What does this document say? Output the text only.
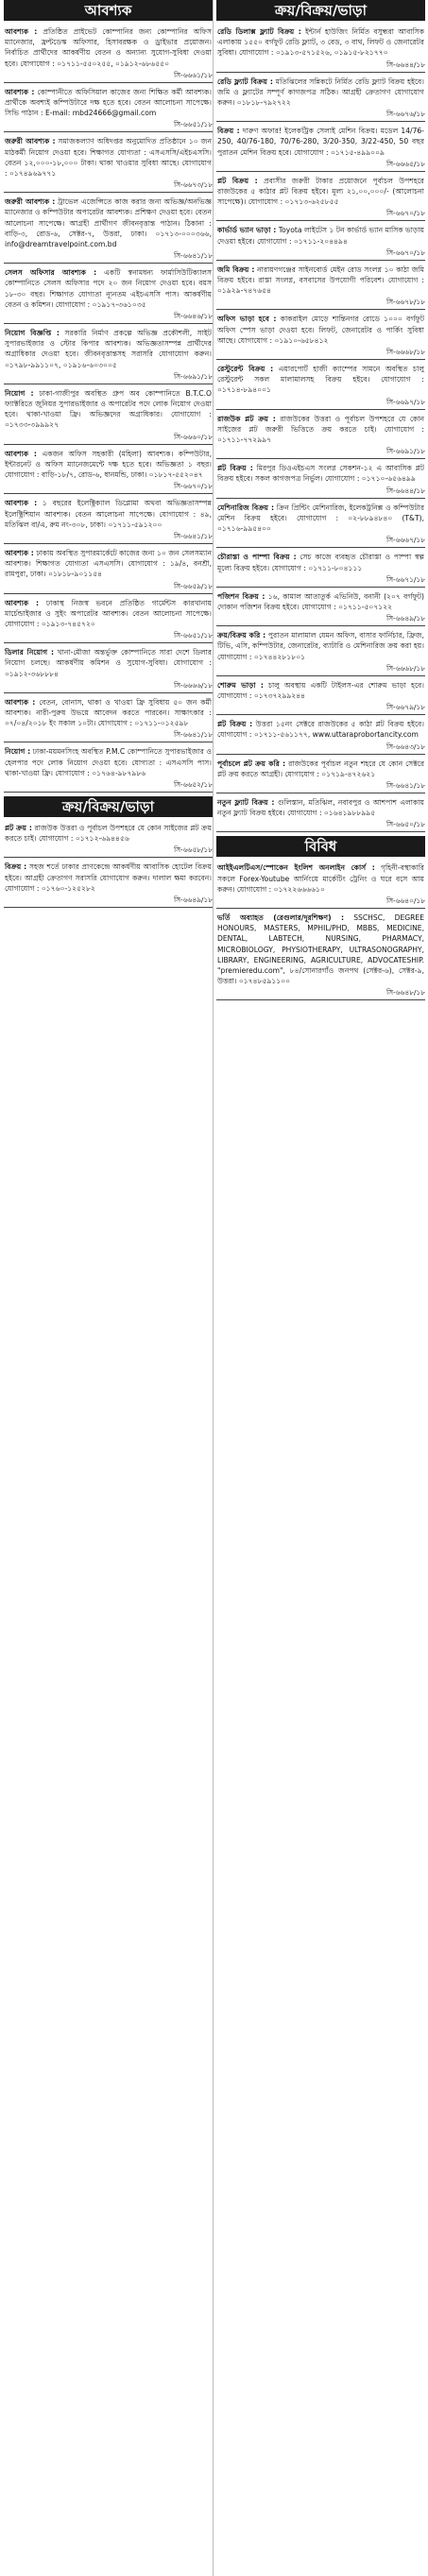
আবশ্যক
আবশ্যক : প্রতিষ্ঠিত প্রাইভেট কোম্পানির জন্য কোম্পানির অফিস ম্যানেজার, ফ্রন্টডেস্ক অফিসার, হিসাবরক্ষক ও ড্রাইভার প্রয়োজন। নির্বাচিত প্রার্থীদের আকর্ষণীয় বেতন ও অন্যান্য সুযোগ-সুবিধা দেওয়া হবে। যোগাযোগ : ০১৭১১-৫৫০২৫৫, ০১৯১২-৬৮৬৫৫০
সি-৬৬৬১/১৮
আবশ্যক : কোম্পানীতে অফিসিয়াল কাজের জন্য শিক্ষিত কর্মী আবশ্যক। প্রার্থীকে অবশ্যই কম্পিউটারে দক্ষ হতে হবে। বেতন আলোচনা সাপেক্ষে। সিভি পাঠান : E-mail: mbd24666@gmail.com
সি-৬৬৫১/১৮
জরুরী আবশ্যক : সমাজকল্যাণ অধিদপ্তর অনুমোদিত প্রতিষ্ঠানে ১০ জন মাঠকর্মী নিয়োগ দেওয়া হবে। শিক্ষাগত যোগ্যতা : এসএসসি/এইচএসসি। বেতন ১২,০০০-১৮,০০০ টাকা। থাকা খাওয়ার সুবিধা আছে। যোগাযোগ : ০১৭৪৯৬৯৭৭১
সি-৬৬৭৩/১৮
জরুরী আবশ্যক : ট্রাভেল এজেন্সিতে কাজ করার জন্য অভিজ্ঞ/অনভিজ্ঞ ম্যানেজার ও কম্পিউটার অপারেটর আবশ্যক। প্রশিক্ষণ দেওয়া হবে। বেতন আলোচনা সাপেক্ষে। আগ্রহী প্রার্থীগণ জীবনবৃত্তান্ত পাঠান। ঠিকানা : বাড়ি-৩, রোড-৬, সেক্টর-৭, উত্তরা, ঢাকা। ০১৭১৩-০০০৩৬৬, info@dreamtravelpoint.com.bd
সি-৬৬৪১/১৮
সেলস অফিসার আবশ্যক : একটি স্বনামধন্য ফার্মাসিউটিক্যালস কোম্পানিতে সেলস অফিসার পদে ২০ জন নিয়োগ দেওয়া হবে। বয়স ১৮-৩০ বছর। শিক্ষাগত যোগ্যতা ন্যূনতম এইচএসসি পাস। আকর্ষণীয় বেতন ও কমিশন। যোগাযোগ : ০১৯১৭-৩৬১০৩৫
সি-৬৬৪৬/১৮
নিয়োগ বিজ্ঞপ্তি : সরকারি নির্মাণ প্রকল্পে অভিজ্ঞ প্রকৌশলী, সাইট সুপারভাইজার ও স্টোর কিপার আবশ্যক। অভিজ্ঞতাসম্পন্ন প্রার্থীদের অগ্রাধিকার দেওয়া হবে। জীবনবৃত্তান্তসহ সরাসরি যোগাযোগ করুন। ০১৭৯৮-৯৯১১০৭, ০১৯১৬-৬০৩০০৫
সি-৬৬৯১/১৮
নিয়োগ : ঢাকা-গাজীপুর অবস্থিত গ্রুপ অব কোম্পানিতে B.T.C.O ফ্যাক্টরিতে জুনিয়র সুপারভাইজার ও অপারেটর পদে লোক নিয়োগ দেওয়া হবে। থাকা-খাওয়া ফ্রি। অভিজ্ঞদের অগ্রাধিকার। যোগাযোগ : ০১৭৩৩-৩৯৯৯২৭
সি-৬৬৬০/১৮
আবশ্যক : একজন অফিস সহকারী (মহিলা) আবশ্যক। কম্পিউটার, ইন্টারনেট ও অফিস ম্যানেজমেন্টে দক্ষ হতে হবে। অভিজ্ঞতা ১ বছর। যোগাযোগ : বাড়ি-১৮/৭, রোড-৬, ধানমন্ডি, ঢাকা। ০১৮১৭-৫৫২০৪৭
সি-৬৬৭০/১৮
আবশ্যক : ১ বছরের ইলেক্ট্রিক্যাল ডিপ্লোমা অথবা অভিজ্ঞতাসম্পন্ন ইলেক্ট্রিশিয়ান আবশ্যক। বেতন আলোচনা সাপেক্ষে। যোগাযোগ : ৪৯, মতিঝিল বা/এ, রুম নং-৩০৮, ঢাকা। ০১৭১১-৫৯১২০০
সি-৬৬৪১/১৮
আবশ্যক : ঢাকায় অবস্থিত সুপারমার্কেটে কাজের জন্য ১০ জন সেলসম্যান আবশ্যক। শিক্ষাগত যোগ্যতা এসএসসি। যোগাযোগ : ১৯/৪, বনশ্রী, রামপুরা, ঢাকা। ০১৮১৮-৯০১১৫৪
সি-৬৬৫৯/১৮
আবশ্যক : ঢাকাস্থ নিজস্ব ভবনে প্রতিষ্ঠিত গার্মেন্টস কারখানায় মার্চেন্ডাইজার ও সুইং অপারেটর আবশ্যক। বেতন আলোচনা সাপেক্ষে। যোগাযোগ : ০১৯১৩-৭৪৫৭২০
সি-৬৬৫১/১৮
ডিলার নিয়োগ : খানা-মৌজা অন্তর্ভুক্ত কোম্পানিতে সারা দেশে ডিলার নিয়োগ চলছে। আকর্ষণীয় কমিশন ও সুযোগ-সুবিধা। যোগাযোগ : ০১৯১২-৩৬৮৮৮৪
সি-৬৬৬৬/১৮
আবশ্যক : বেতন, বোনাস, থাকা ও খাওয়া ফ্রি সুবিধায় ৫০ জন কর্মী আবশ্যক। নারী-পুরুষ উভয়ে আবেদন করতে পারবেন। সাক্ষাৎকার : ০৭/০৪/২০১৮ ইং সকাল ১০টা। যোগাযোগ : ০১৭১১-০১২৫৯৮
সি-৬৬৪১/১৮
নিয়োগ : ঢাকা-ময়মনসিংহ অবস্থিত P.M.C কোম্পানিতে সুপারভাইজার ও হেলপার পদে লোক নিয়োগ দেওয়া হবে। যোগ্যতা : এসএসসি পাস। থাকা-খাওয়া ফ্রি। যোগাযোগ : ০১৭৬৪-৯৮৭৯৮৬
সি-৬৬৫২/১৮
ক্রয়/বিক্রয়/ভাড়া
প্লট ক্রয় : রাজউক উত্তরা ও পূর্বাচল উপশহরে যে কোন সাইজের প্লট ক্রয় করতে চাই। যোগাযোগ : ০১৭১২-৬৯৪৪৫৬
সি-৬৬৫৮/১৮
বিক্রয় : সহজ শর্তে ঢাকার প্রাণকেন্দ্রে আকর্ষণীয় আবাসিক হোটেল বিক্রয় হইবে। আগ্রহী ক্রেতাগণ সরাসরি যোগাযোগ করুন। দালাল ক্ষমা করবেন। যোগাযোগ : ০১৭৬০-১২৫২৮২
সি-৬৬৪৯/১৮
ক্রয়/বিক্রয়/ভাড়া
রেডি ডিলাক্স ফ্ল্যাট বিক্রয় : ইন্টার্ন হাউজিং নির্মিত বসুন্ধরা আবাসিক এলাকায় ১৫৫০ বর্গফুট রেডি ফ্ল্যাট, ৩ বেড, ৩ বাথ, লিফট ও জেনারেটর সুবিধা। যোগাযোগ : ০১৯১৩-৫৭১৫২৬, ০১৯১৫-৮২১৭৭০
সি-৬৬৪৪/১৮
রেডি ফ্ল্যাট বিক্রয় : মতিঝিলের সন্নিকটে নির্মিত রেডি ফ্ল্যাট বিক্রয় হইবে। জমি ও ফ্ল্যাটের সম্পূর্ণ কাগজপত্র সঠিক। আগ্রহী ক্রেতাগণ যোগাযোগ করুন। ০১৮১৮-৭৯২৭২২
সি-৬৬৭৬/১৮
বিক্রয় : দারুণ অফার! ইলেকট্রিক সেলাই মেশিন বিক্রয়। মডেল 14/76-250, 40/76-180, 70/76-280, 3/20-350, 3/22-450, 50 বছর পুরাতন মেশিন বিক্রয় হবে। যোগাযোগ : ০১৭১৫-৪৯৯০০৯
সি-৬৬৬৫/১৮
প্লট বিক্রয় : প্রবাসীর জরুরী টাকার প্রয়োজনে পূর্বাচল উপশহরে রাজউকের ৫ কাঠার প্লট বিক্রয় হইবে। মূল্য ২১,০০,০০০/- (আলোচনা সাপেক্ষে)। যোগাযোগ : ০১৭১৩-৬২৫৮৫৫
সি-৬৬৭০/১৮
কার্ভার্ড ভ্যান ভাড়া : Toyota লাইটেস ১ টন কার্ভার্ড ভ্যান মাসিক ভাড়ায় দেওয়া হইবে। যোগাযোগ : ০১৭১১-২০৪৪৯৪
সি-৬৬৭০/১৮
জমি বিক্রয় : নারায়ণগঞ্জের সাইনবোর্ড মেইন রোড সংলগ্ন ১০ কাঠা জমি বিক্রয় হইবে। রাস্তা সংলগ্ন, বসবাসের উপযোগী পরিবেশ। যোগাযোগ : ০১৯২৯-৭৪৭৬৫৪
সি-৬৬৭৮/১৮
অফিস ভাড়া হবে : কাকরাইল মোড়ে শান্তিনগর রোডে ১০০০ বর্গফুট অফিস স্পেস ভাড়া দেওয়া হবে। লিফট, জেনারেটর ও পার্কিং সুবিধা আছে। যোগাযোগ : ০১৯১০-৬৫৮৪১২
সি-৬৬৬৮/১৮
রেস্টুরেন্ট বিক্রয় : এয়ারপোর্ট হাজী ক্যাম্পের সামনে অবস্থিত চালু রেস্টুরেন্ট সকল মালামালসহ বিক্রয় হইবে। যোগাযোগ : ০১৭১৪-৮৯৪০০১
সি-৬৬৯৭/১৮
রাজউক প্লট ক্রয় : রাজউকের উত্তরা ও পূর্বাচল উপশহরে যে কোন সাইজের প্লট জরুরী ভিত্তিতে ক্রয় করতে চাই। যোগাযোগ : ০১৭১১-৭৭২৯৯৭
সি-৬৬৯১/১৮
প্লট বিক্রয় : মিরপুর ডিওএইচএস সংলগ্ন সেকশন-১২ এ আবাসিক প্লট বিক্রয় হইবে। সকল কাগজপত্র নির্ভুল। যোগাযোগ : ০১৭১০-৬৫৬৪৯৯
সি-৬৬৪৪/১৮
মেশিনারিজ বিক্রয় : ক্রিন প্রিন্টিং মেশিনারিজ, ইলেকট্রনিক্স ও কম্পিউটার মেশিন বিক্রয় হইবে। যোগাযোগ : ০২-৮৮৯৪৮৪০ (T&T), ০১৭১৬-৯৯৫৪০০
সি-৬৬৬৭/১৮
চৌরাস্তা ও পাম্পা বিক্রয় : সেচ কাজে ব্যবহৃত চৌরাস্তা ও পাম্পা স্বল্প মূল্যে বিক্রয় হইবে। যোগাযোগ : ০১৭১১-৮০৪১১১
সি-৬৬৭১/১৮
পজিশন বিক্রয় : ১৬, কামাল আতাতুর্ক এভিনিউ, বনানী (২০৭ বর্গফুট) দোকান পজিশন বিক্রয় হইবে। যোগাযোগ : ০১৭১১-৫০৭১২২
সি-৬৬৪৯/১৮
ক্রয়/বিক্রয় করি : পুরাতন মালামাল যেমন অফিস, বাসার ফার্নিচার, ফ্রিজ, টিভি, এসি, কম্পিউটার, জেনারেটর, ব্যাটারি ও মেশিনারিজ ক্রয় করা হয়। যোগাযোগ : ০১৭৪৪২৮১৮০১
সি-৬৬৬৮/১৮
শোরুম ভাড়া : চালু অবস্থায় একটি টাইলস-এর শোরুম ভাড়া হবে। যোগাযোগ : ০১৭৩৭২৯৯২৪৪
সি-৬৬৭৯/১৮
প্লট বিক্রয় : উত্তরা ১৫নং সেক্টরে রাজউকের ৫ কাঠা প্লট বিক্রয় হইবে। যোগাযোগ : ০১৭১১-৫৬১১৭৭, www.uttaraprobortancity.com
সি-৬৬৪৩/১৮
পূর্বাচলে প্লট ক্রয় করি : রাজউকের পূর্বাচল নতুন শহরে যে কোন সেক্টরে প্লট ক্রয় করতে আগ্রহী। যোগাযোগ : ০১৭১৯-৪৭২৬২১
সি-৬৬৪১/১৮
নতুন ফ্ল্যাট বিক্রয় : গুলিস্তান, মতিঝিল, নবাবপুর ও আশপাশ এলাকায় নতুন ফ্ল্যাট বিক্রয় হইবে। যোগাযোগ : ০১৬৪১৯৮৮৯৯৫
সি-৬৬৫০/১৮
বিবিধ
আইইএলটিএস/স্পোকেন ইংলিশ অনলাইন কোর্স : গৃহিনী-বস্থাকারি সকলে Forex-Youtube আর্নিংয়ে মার্কেটিং ট্রেনিং ও ঘরে বসে আয় করুন। যোগাযোগ : ০১৭২২৬৬৬৬১০
সি-৬৬৪০/১৮
ভর্তি অব্যাহত (রেগুলার/দূরশিক্ষণ) : SSCHSC, DEGREE HONOURS, MASTERS, MPHIL/PHD, MBBS, MEDICINE, DENTAL, LABTECH, NURSING, PHARMACY, MICROBIOLOGY, PHYSIOTHERAPY, ULTRASONOGRAPHY, LIBRARY, ENGINEERING, AGRICULTURE, ADVOCATESHIP. "premieredu.com", ৮৪/সোনারগাঁও জনপথ (সেক্টর-৬), সেক্টর-৯, উত্তরা। ০১৭৪৮৫৯১১০০
সি-৬৬৪৮/১৮
